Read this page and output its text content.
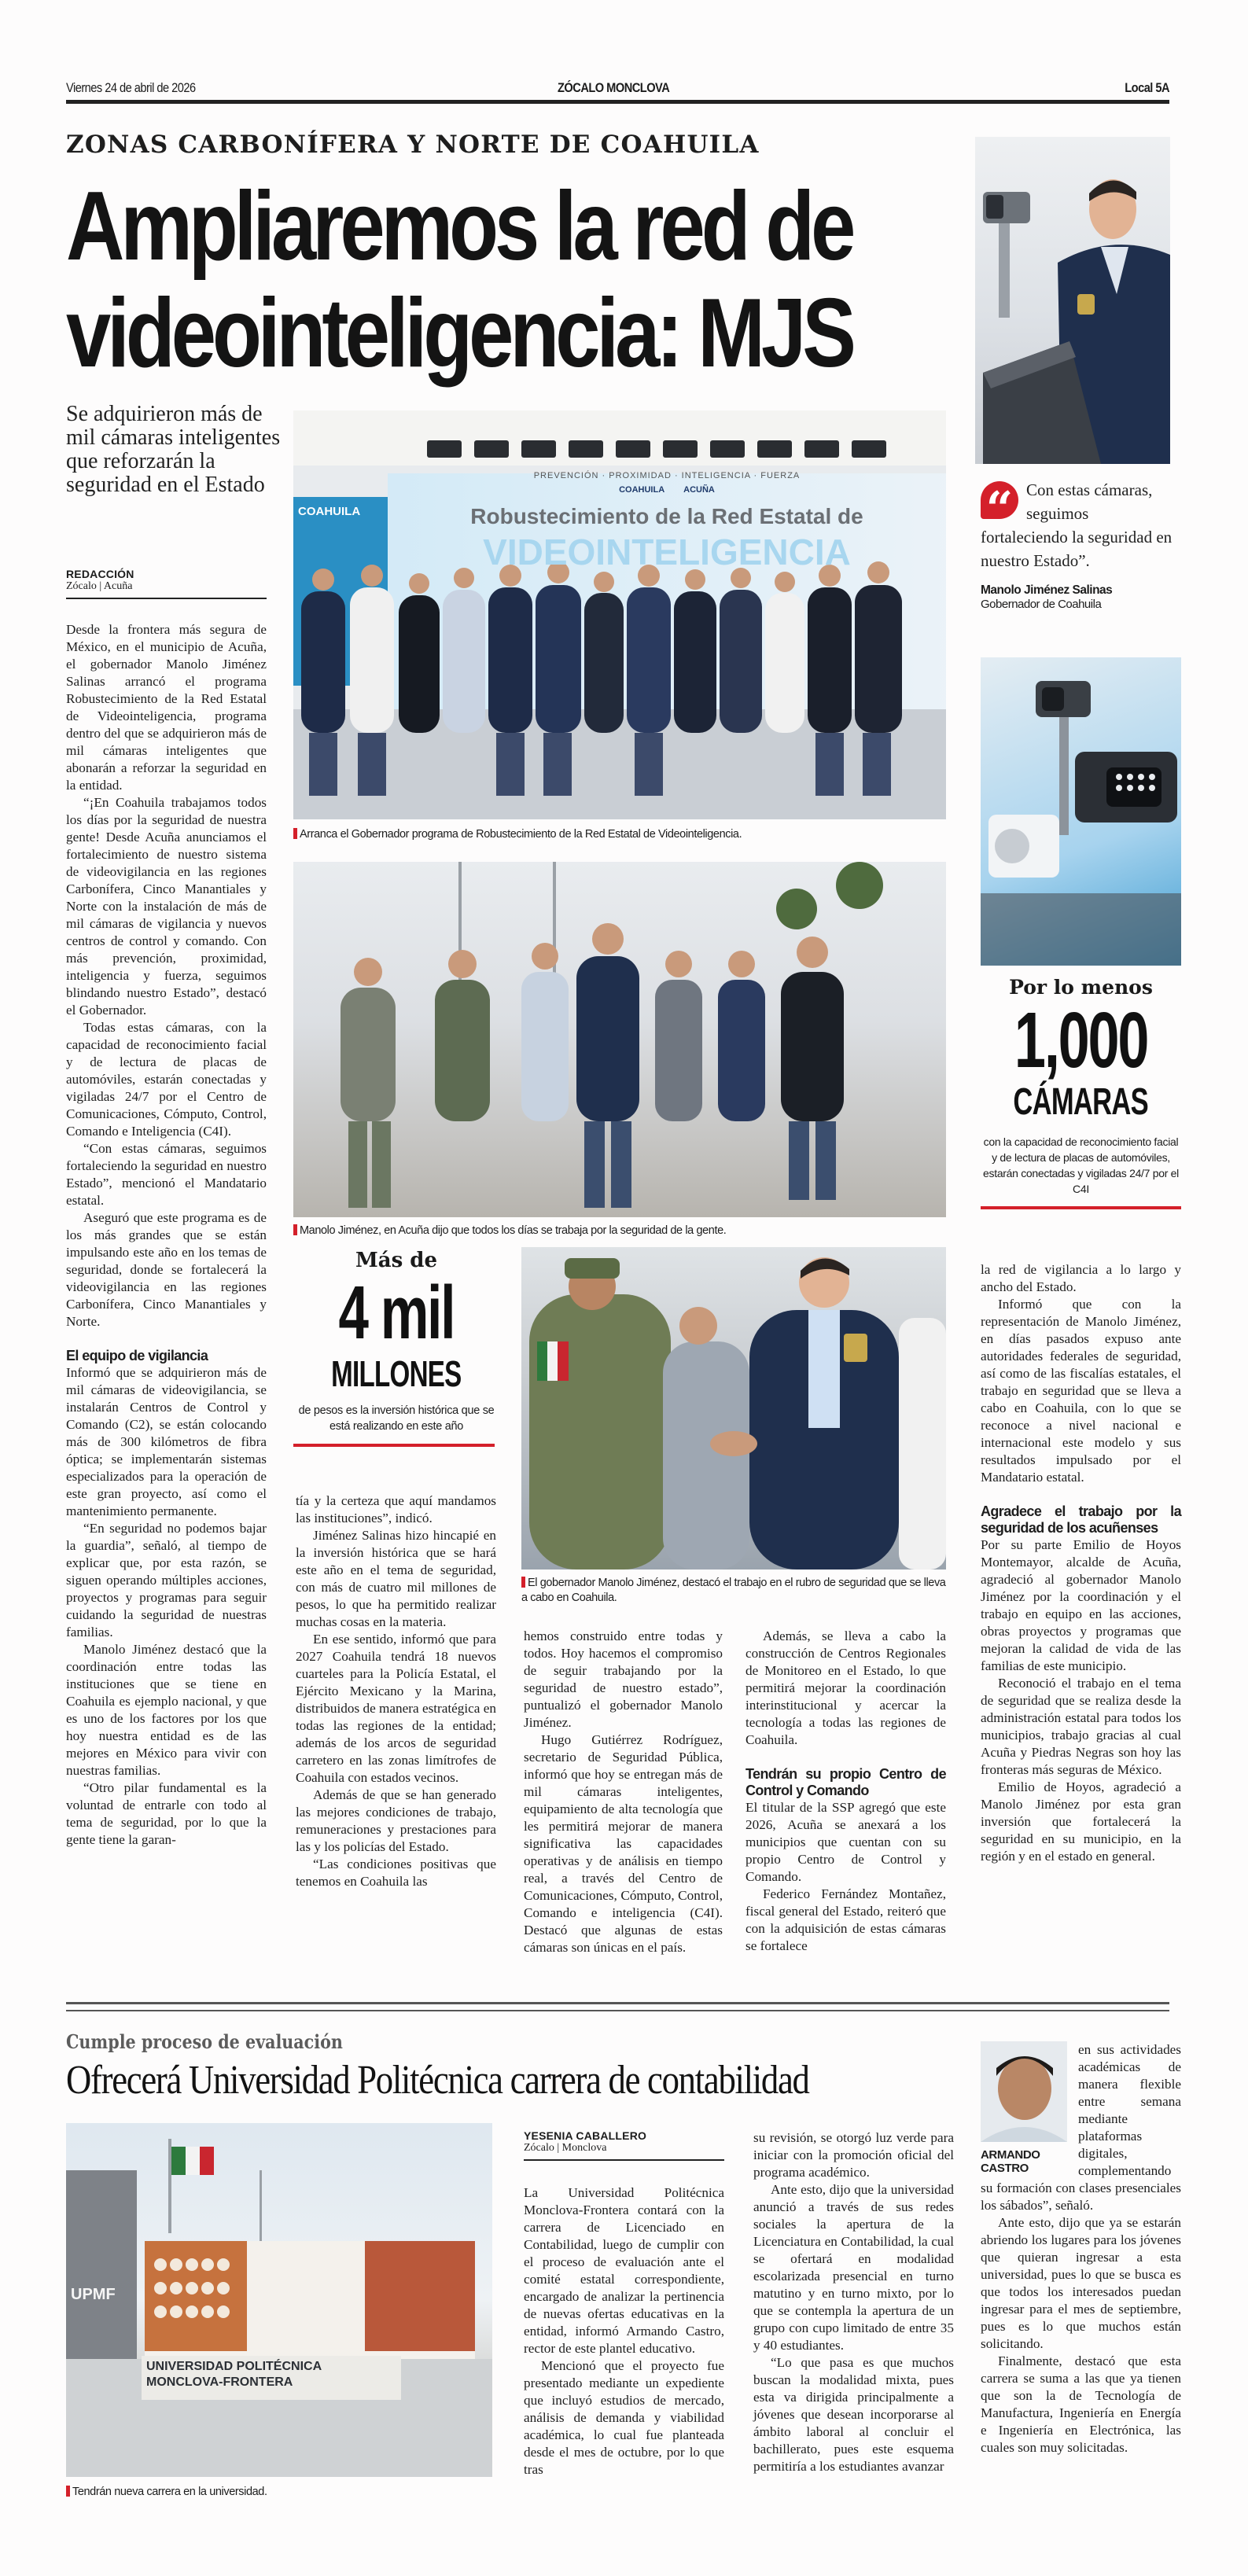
Viernes 24 de abril de 2026	ZÓCALO MONCLOVA	Local 5A
ZONAS CARBONÍFERA Y NORTE DE COAHUILA
Ampliaremos la red de
videointeligencia: MJS
Se adquirieron más de mil cámaras inteligentes que reforzarán la seguridad en el Estado
REDACCIÓN
Zócalo | Acuña

Desde la frontera más segura de México, en el municipio de Acuña, el gobernador Manolo Jiménez Salinas arrancó el programa Robustecimiento de la Red Estatal de Videointeligencia, programa dentro del que se adquirieron más de mil cámaras inteligentes que abonarán a reforzar la seguridad en la entidad.

“¡En Coahuila trabajamos todos los días por la seguridad de nuestra gente! Desde Acuña anunciamos el fortalecimiento de nuestro sistema de videovigilancia en las regiones Carbonífera, Cinco Manantiales y Norte con la instalación de más de mil cámaras de vigilancia y nuevos centros de control y comando. Con más prevención, proximidad, inteligencia y fuerza, seguimos blindando nuestro Estado”, destacó el Gobernador.

Todas estas cámaras, con la capacidad de reconocimiento facial y de lectura de placas de automóviles, estarán conectadas y vigiladas 24/7 por el Centro de Comunicaciones, Cómputo, Control, Comando e Inteligencia (C4I).

“Con estas cámaras, seguimos fortaleciendo la seguridad en nuestro Estado”, mencionó el Mandatario estatal.

Aseguró que este programa es de los más grandes que se están impulsando este año en los temas de seguridad, donde se fortalecerá la videovigilancia en las regiones Carbonífera, Cinco Manantiales y Norte.

El equipo de vigilancia

Informó que se adquirieron más de mil cámaras de videovigilancia, se instalarán Centros de Control y Comando (C2), se están colocando más de 300 kilómetros de fibra óptica; se implementarán sistemas especializados para la operación de este gran proyecto, así como el mantenimiento permanente.

“En seguridad no podemos bajar la guardia”, señaló, al tiempo de explicar que, por esta razón, se siguen operando múltiples acciones, proyectos y programas para seguir cuidando la seguridad de nuestras familias.

Manolo Jiménez destacó que la coordinación entre todas las instituciones que se tiene en Coahuila es ejemplo nacional, y que es uno de los factores por los que hoy nuestra entidad es de las mejores en México para vivir con nuestras familias.

“Otro pilar fundamental es la voluntad de entrarle con todo al tema de seguridad, por lo que la gente tiene la garan-

COAHUILA
PREVENCIÓN · PROXIMIDAD · INTELIGENCIA · FUERZA
COAHUILA ACUÑA
Robustecimiento de la Red Estatal de
VIDEOINTELIGENCIA
Arranca el Gobernador programa de Robustecimiento de la Red Estatal de Videointeligencia.
Manolo Jiménez, en Acuña dijo que todos los días se trabaja por la seguridad de la gente.
Más de
4 mil
MILLONES
de pesos es la inversión histórica que se está realizando en este año
El gobernador Manolo Jiménez, destacó el trabajo en el rubro de seguridad que se lleva a cabo en Coahuila.

tía y la certeza que aquí mandamos las instituciones”, indicó.

Jiménez Salinas hizo hincapié en la inversión histórica que se hará este año en el tema de seguridad, con más de cuatro mil millones de pesos, lo que ha permitido realizar muchas cosas en la materia.

En ese sentido, informó que para 2027 Coahuila tendrá 18 nuevos cuarteles para la Policía Estatal, el Ejército Mexicano y la Marina, distribuidos de manera estratégica en todas las regiones de la entidad; además de los arcos de seguridad carretero en las zonas limítrofes de Coahuila con estados vecinos.

Además de que se han generado las mejores condiciones de trabajo, remuneraciones y prestaciones para las y los policías del Estado.

“Las condiciones positivas que tenemos en Coahuila las

hemos construido entre todas y todos. Hoy hacemos el compromiso de seguir trabajando por la seguridad de nuestro estado”, puntualizó el gobernador Manolo Jiménez.

Hugo Gutiérrez Rodríguez, secretario de Seguridad Pública, informó que hoy se entregan más de mil cámaras inteligentes, equipamiento de alta tecnología que les permitirá mejorar de manera significativa las capacidades operativas y de análisis en tiempo real, a través del Centro de Comunicaciones, Cómputo, Control, Comando e inteligencia (C4I). Destacó que algunas de estas cámaras son únicas en el país.

Además, se lleva a cabo la construcción de Centros Regionales de Monitoreo en el Estado, lo que permitirá mejorar la coordinación interinstitucional y acercar la tecnología a todas las regiones de Coahuila.

Tendrán su propio Centro de Control y Comando

El titular de la SSP agregó que este 2026, Acuña se anexará a los municipios que cuentan con su propio Centro de Control y Comando.

Federico Fernández Montañez, fiscal general del Estado, reiteró que con la adquisición de estas cámaras se fortalece

“ Con estas cámaras, seguimos fortaleciendo la seguridad en nuestro Estado”.
Manolo Jiménez Salinas
Gobernador de Coahuila
Por lo menos
1,000
CÁMARAS
con la capacidad de reconocimiento facial y de lectura de placas de automóviles, estarán conectadas y vigiladas 24/7 por el C4I

la red de vigilancia a lo largo y ancho del Estado.

Informó que con la representación de Manolo Jiménez, en días pasados expuso ante autoridades federales de seguridad, así como de las fiscalías estatales, el trabajo en seguridad que se lleva a cabo en Coahuila, con lo que se reconoce a nivel nacional e internacional este modelo y sus resultados impulsado por el Mandatario estatal.

Agradece el trabajo por la seguridad de los acuñenses

Por su parte Emilio de Hoyos Montemayor, alcalde de Acuña, agradeció al gobernador Manolo Jiménez por la coordinación y el trabajo en equipo en las acciones, obras proyectos y programas que mejoran la calidad de vida de las familias de este municipio.

Reconoció el trabajo en el tema de seguridad que se realiza desde la administración estatal para todos los municipios, trabajo gracias al cual Acuña y Piedras Negras son hoy las fronteras más seguras de México.

Emilio de Hoyos, agradeció a Manolo Jiménez por esta gran inversión que fortalecerá la seguridad en su municipio, en la región y en el estado en general.

Cumple proceso de evaluación
Ofrecerá Universidad Politécnica carrera de contabilidad
UPMF
UNIVERSIDAD POLITÉCNICA MONCLOVA-FRONTERA
Tendrán nueva carrera en la universidad.
YESENIA CABALLERO
Zócalo | Monclova

La Universidad Politécnica Monclova-Frontera contará con la carrera de Licenciado en Contabilidad, luego de cumplir con el proceso de evaluación ante el comité estatal correspondiente, encargado de analizar la pertinencia de nuevas ofertas educativas en la entidad, informó Armando Castro, rector de este plantel educativo.

Mencionó que el proyecto fue presentado mediante un expediente que incluyó estudios de mercado, análisis de demanda y viabilidad académica, lo cual fue planteada desde el mes de octubre, por lo que tras

su revisión, se otorgó luz verde para iniciar con la promoción oficial del programa académico.

Ante esto, dijo que la universidad anunció a través de sus redes sociales la apertura de la Licenciatura en Contabilidad, la cual se ofertará en modalidad escolarizada presencial en turno matutino y en turno mixto, por lo que se contempla la apertura de un grupo con cupo limitado de entre 35 y 40 estudiantes.

“Lo que pasa es que muchos buscan la modalidad mixta, pues esta va dirigida principalmente a jóvenes que desean incorporarse al ámbito laboral al concluir el bachillerato, pues este esquema permitiría a los estudiantes avanzar

ARMANDO CASTRO

en sus actividades académicas de manera flexible entre semana mediante plataformas digitales, complementando su formación con clases presenciales los sábados”, señaló.

Ante esto, dijo que ya se estarán abriendo los lugares para los jóvenes que quieran ingresar a esta universidad, pues lo que se busca es que todos los interesados puedan ingresar para el mes de septiembre, pues es lo que muchos están solicitando.

Finalmente, destacó que esta carrera se suma a las que ya tienen que son la de Tecnología de Manufactura, Ingeniería en Energía e Ingeniería en Electrónica, las cuales son muy solicitadas.
